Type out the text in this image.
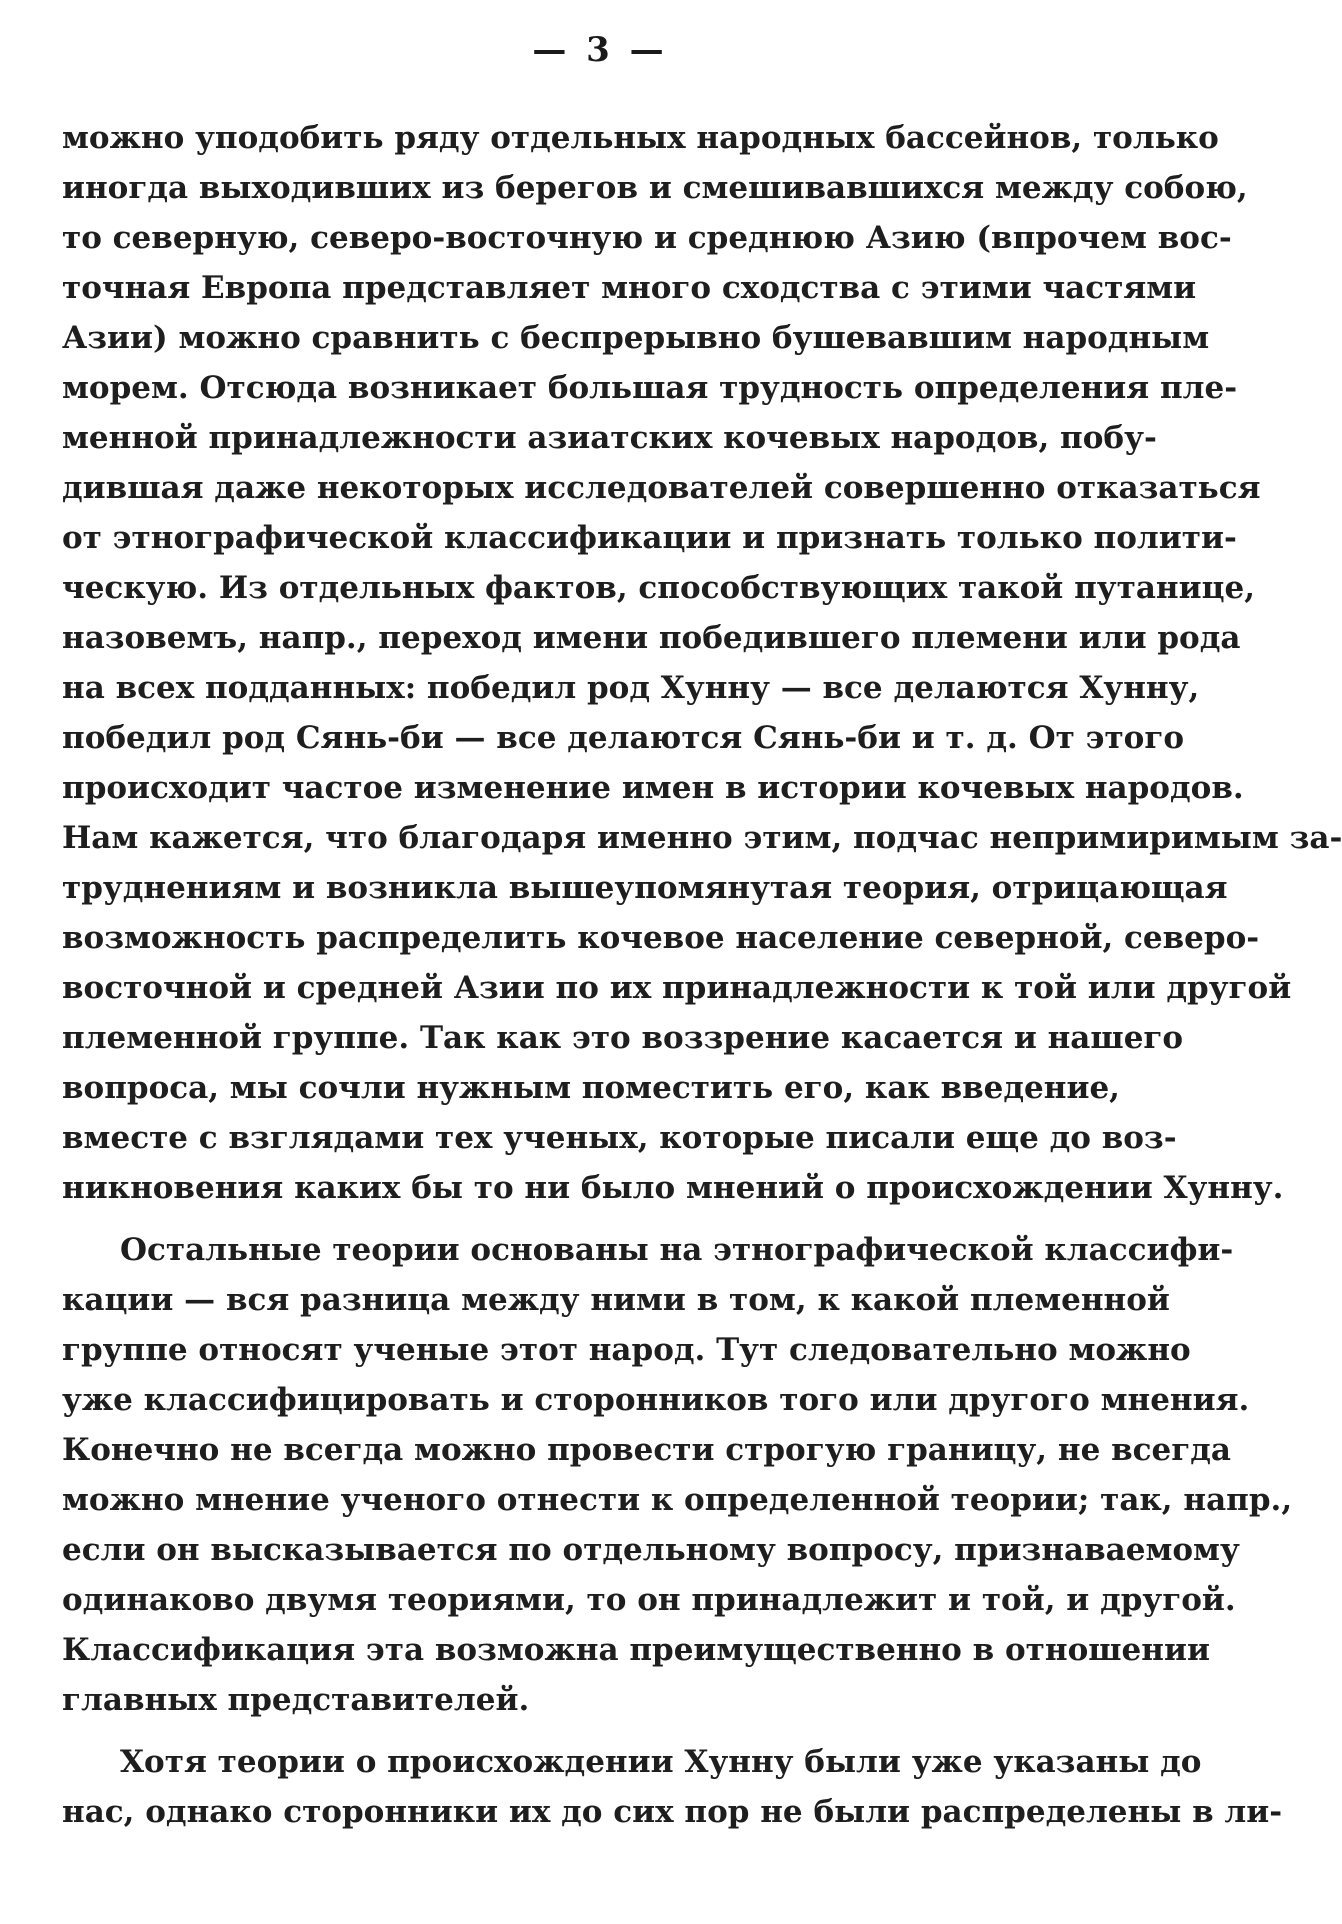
— 3 —
можно уподобить ряду отдельных народных бассейнов, только
иногда выходивших из берегов и смешивавшихся между собою,
то северную, северо-восточную и среднюю Азию (впрочем вос-
точная Европа представляет много сходства с этими частями
Азии) можно сравнить с беспрерывно бушевавшим народным
морем. Отсюда возникает большая трудность определения пле-
менной принадлежности азиатских кочевых народов, побу-
дившая даже некоторых исследователей совершенно отказаться
от этнографической классификации и признать только полити-
ческую. Из отдельных фактов, способствующих такой путанице,
назовемъ, напр., переход имени победившего племени или рода
на всех подданных: победил род Хунну — все делаются Хунну,
победил род Сянь-би — все делаются Сянь-би и т. д. От этого
происходит частое изменение имен в истории кочевых народов.
Нам кажется, что благодаря именно этим, подчас непримиримым за-
труднениям и возникла вышеупомянутая теория, отрицающая
возможность распределить кочевое население северной, северо-
восточной и средней Азии по их принадлежности к той или другой
племенной группе. Так как это воззрение касается и нашего
вопроса, мы сочли нужным поместить его, как введение,
вместе с взглядами тех ученых, которые писали еще до воз-
никновения каких бы то ни было мнений о происхождении Хунну.
Остальные теории основаны на этнографической классифи-
кации — вся разница между ними в том, к какой племенной
группе относят ученые этот народ. Тут следовательно можно
уже классифицировать и сторонников того или другого мнения.
Конечно не всегда можно провести строгую границу, не всегда
можно мнение ученого отнести к определенной теории; так, напр.,
если он высказывается по отдельному вопросу, признаваемому
одинаково двумя теориями, то он принадлежит и той, и другой.
Классификация эта возможна преимущественно в отношении
главных представителей.
Хотя теории о происхождении Хунну были уже указаны до
нас, однако сторонники их до сих пор не были распределены в ли-
